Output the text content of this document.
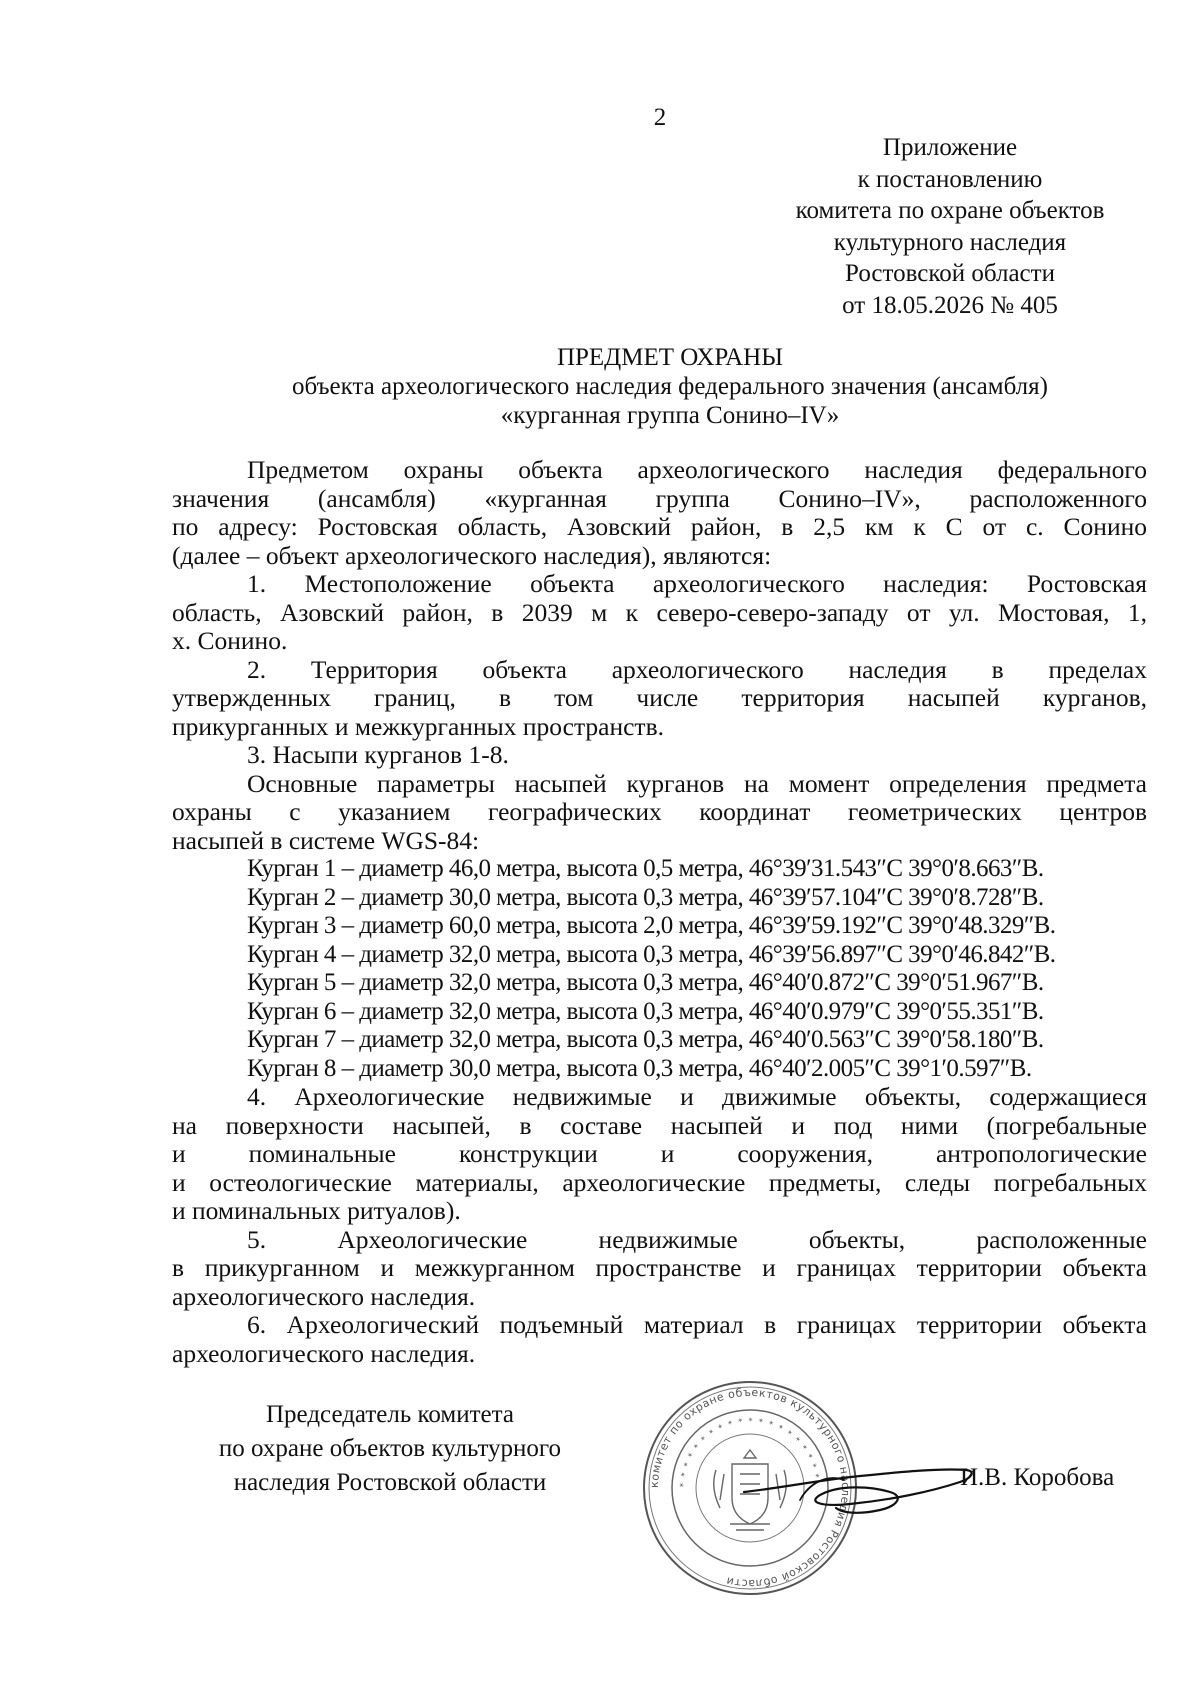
2
Приложение
к постановлению
комитета по охране объектов
культурного наследия
Ростовской области
от 18.05.2026 № 405
ПРЕДМЕТ ОХРАНЫ
объекта археологического наследия федерального значения (ансамбля)
«курганная группа Сонино–IV»
Предметом охраны объекта археологического наследия федерального
значения (ансамбля) «курганная группа Сонино–IV», расположенного
по адресу: Ростовская область, Азовский район, в 2,5 км к С от с. Сонино
(далее – объект археологического наследия), являются:
1. Местоположение объекта археологического наследия: Ростовская
область, Азовский район, в 2039 м к северо-северо-западу от ул. Мостовая, 1,
х. Сонино.
2. Территория объекта археологического наследия в пределах
утвержденных границ, в том числе территория насыпей курганов,
прикурганных и межкурганных пространств.
3. Насыпи курганов 1-8.
Основные параметры насыпей курганов на момент определения предмета
охраны с указанием географических координат геометрических центров
насыпей в системе WGS-84:
Курган 1 – диаметр 46,0 метра, высота 0,5 метра, 46°39′31.543″С 39°0′8.663″В.
Курган 2 – диаметр 30,0 метра, высота 0,3 метра, 46°39′57.104″С 39°0′8.728″В.
Курган 3 – диаметр 60,0 метра, высота 2,0 метра, 46°39′59.192″С 39°0′48.329″В.
Курган 4 – диаметр 32,0 метра, высота 0,3 метра, 46°39′56.897″С 39°0′46.842″В.
Курган 5 – диаметр 32,0 метра, высота 0,3 метра, 46°40′0.872″С 39°0′51.967″В.
Курган 6 – диаметр 32,0 метра, высота 0,3 метра, 46°40′0.979″С 39°0′55.351″В.
Курган 7 – диаметр 32,0 метра, высота 0,3 метра, 46°40′0.563″С 39°0′58.180″В.
Курган 8 – диаметр 30,0 метра, высота 0,3 метра, 46°40′2.005″С 39°1′0.597″В.
4. Археологические недвижимые и движимые объекты, содержащиеся
на поверхности насыпей, в составе насыпей и под ними (погребальные
и поминальные конструкции и сооружения, антропологические
и остеологические материалы, археологические предметы, следы погребальных
и поминальных ритуалов).
5. Археологические недвижимые объекты, расположенные
в прикурганном и межкурганном пространстве и границах территории объекта
археологического наследия.
6. Археологический подъемный материал в границах территории объекта
археологического наследия.
Председатель комитета
по охране объектов культурного
наследия Ростовской области	комитет по охране объектов культурного наследия Ростовской области
✶ ✶ ✶ ✶ ✶ ✶ ✶ ✶ ✶ ✶ ✶ ✶ ✶ ✶ ✶ ✶ ✶ ✶ ✶ ✶	И.В. Коробова
